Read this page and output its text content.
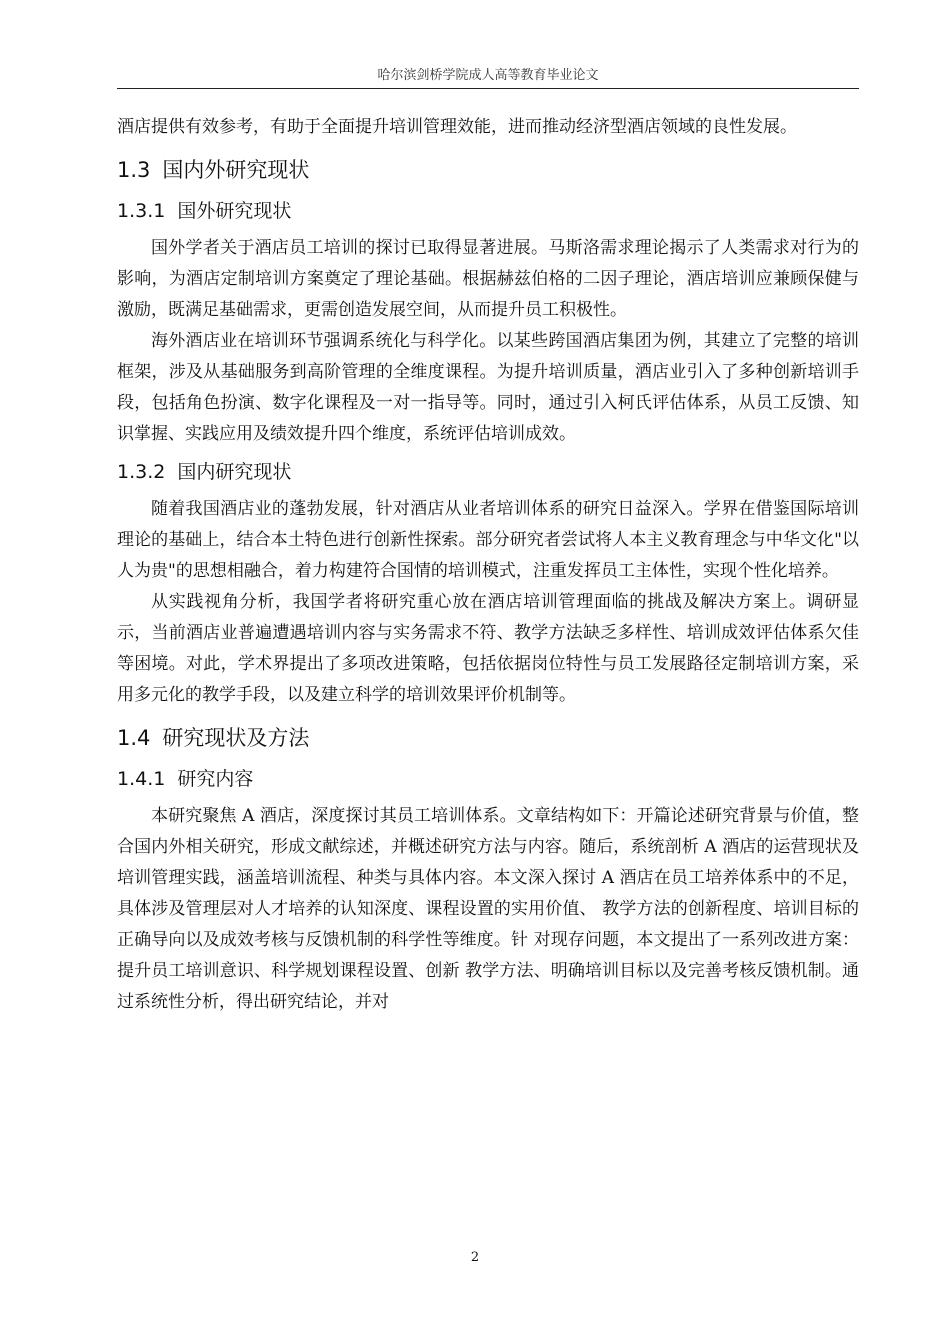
哈尔滨剑桥学院成人高等教育毕业论文

酒店提供有效参考，有助于全面提升培训管理效能，进而推动经济型酒店领域的良性发展。

1.3 国内外研究现状
1.3.1 国外研究现状

国外学者关于酒店员工培训的探讨已取得显著进展。马斯洛需求理论揭示了人类需求对行为的影响，为酒店定制培训方案奠定了理论基础。根据赫兹伯格的二因子理论，酒店培训应兼顾保健与激励，既满足基础需求，更需创造发展空间，从而提升员工积极性。

海外酒店业在培训环节强调系统化与科学化。以某些跨国酒店集团为例，其建立了完整的培训框架，涉及从基础服务到高阶管理的全维度课程。为提升培训质量，酒店业引入了多种创新培训手段，包括角色扮演、数字化课程及一对一指导等。同时，通过引入柯氏评估体系，从员工反馈、知识掌握、实践应用及绩效提升四个维度，系统评估培训成效。

1.3.2 国内研究现状

随着我国酒店业的蓬勃发展，针对酒店从业者培训体系的研究日益深入。学界在借鉴国际培训理论的基础上，结合本土特色进行创新性探索。部分研究者尝试将人本主义教育理念与中华文化"以人为贵"的思想相融合，着力构建符合国情的培训模式，注重发挥员工主体性，实现个性化培养。

从实践视角分析，我国学者将研究重心放在酒店培训管理面临的挑战及解决方案上。调研显示，当前酒店业普遍遭遇培训内容与实务需求不符、教学方法缺乏多样性、培训成效评估体系欠佳等困境。对此，学术界提出了多项改进策略，包括依据岗位特性与员工发展路径定制培训方案，采用多元化的教学手段，以及建立科学的培训效果评价机制等。

1.4 研究现状及方法
1.4.1 研究内容

本研究聚焦 A 酒店，深度探讨其员工培训体系。文章结构如下：开篇论述研究背景与价值，整合国内外相关研究，形成文献综述，并概述研究方法与内容。随后，系统剖析 A 酒店的运营现状及培训管理实践，涵盖培训流程、种类与具体内容。本文深入探讨 A 酒店在员工培养体系中的不足，具体涉及管理层对人才培养的认知深度、课程设置的实用价值、 教学方法的创新程度、培训目标的正确导向以及成效考核与反馈机制的科学性等维度。针 对现存问题，本文提出了一系列改进方案：提升员工培训意识、科学规划课程设置、创新 教学方法、明确培训目标以及完善考核反馈机制。通过系统性分析，得出研究结论，并对

2
